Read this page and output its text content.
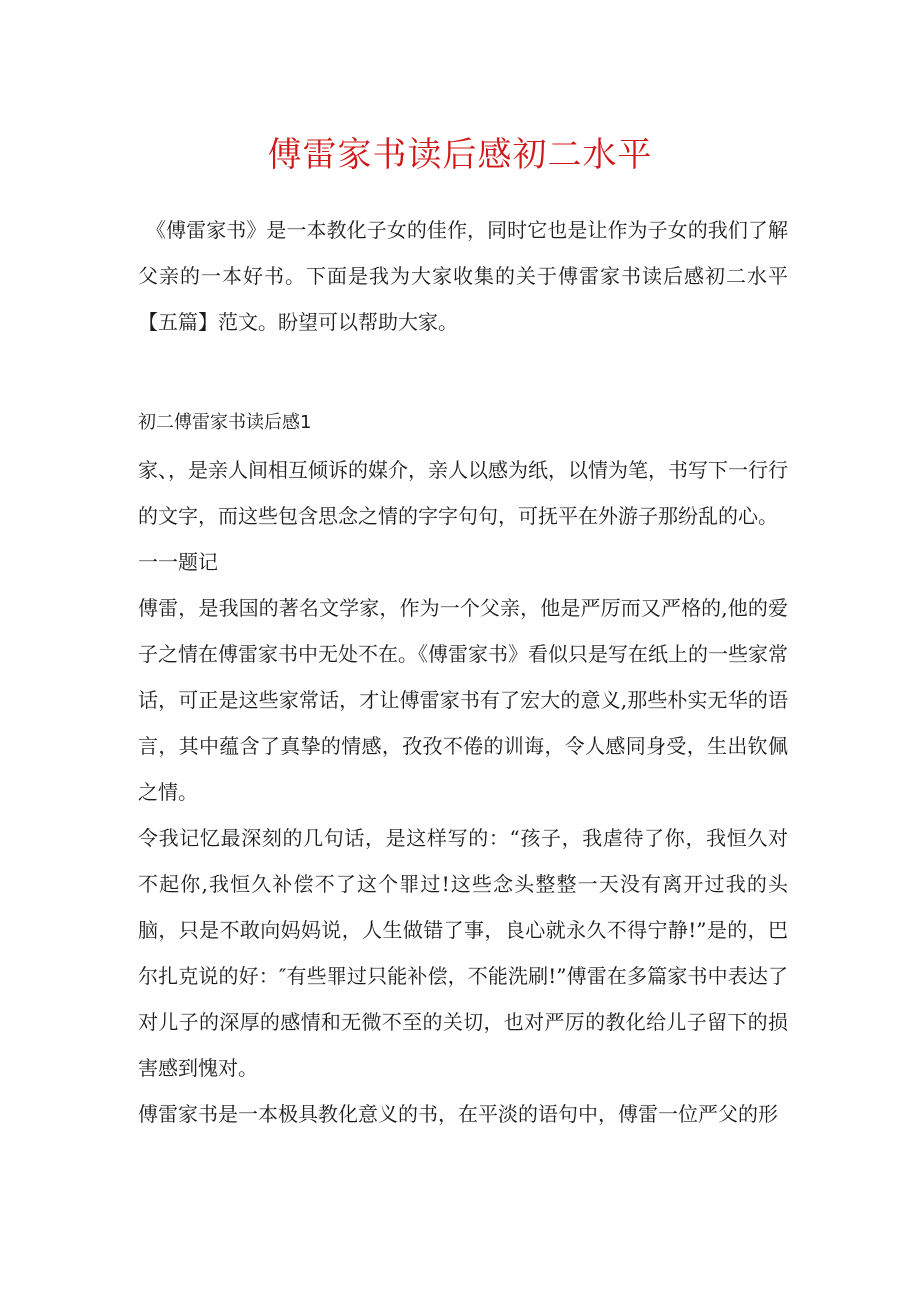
傅雷家书读后感初二水平

《傅雷家书》是一本教化子女的佳作，同时它也是让作为子女的我们了解父亲的一本好书。下面是我为大家收集的关于傅雷家书读后感初二水平【五篇】范文。盼望可以帮助大家。

初二傅雷家书读后感1

家、，是亲人间相互倾诉的媒介，亲人以感为纸，以情为笔，书写下一行行的文字，而这些包含思念之情的字字句句，可抚平在外游子那纷乱的心。

一一题记

傅雷，是我国的著名文学家，作为一个父亲，他是严厉而又严格的,他的爱子之情在傅雷家书中无处不在。《傅雷家书》看似只是写在纸上的一些家常话，可正是这些家常话，才让傅雷家书有了宏大的意义,那些朴实无华的语言，其中蕴含了真挚的情感，孜孜不倦的训诲，令人感同身受，生出钦佩之情。

令我记忆最深刻的几句话，是这样写的：“孩子，我虐待了你，我恒久对不起你,我恒久补偿不了这个罪过!这些念头整整一天没有离开过我的头脑，只是不敢向妈妈说，人生做错了事，良心就永久不得宁静!”是的，巴尔扎克说的好：″有些罪过只能补偿，不能洗刷!”傅雷在多篇家书中表达了对儿子的深厚的感情和无微不至的关切，也对严厉的教化给儿子留下的损害感到愧对。

傅雷家书是一本极具教化意义的书，在平淡的语句中，傅雷一位严父的形
